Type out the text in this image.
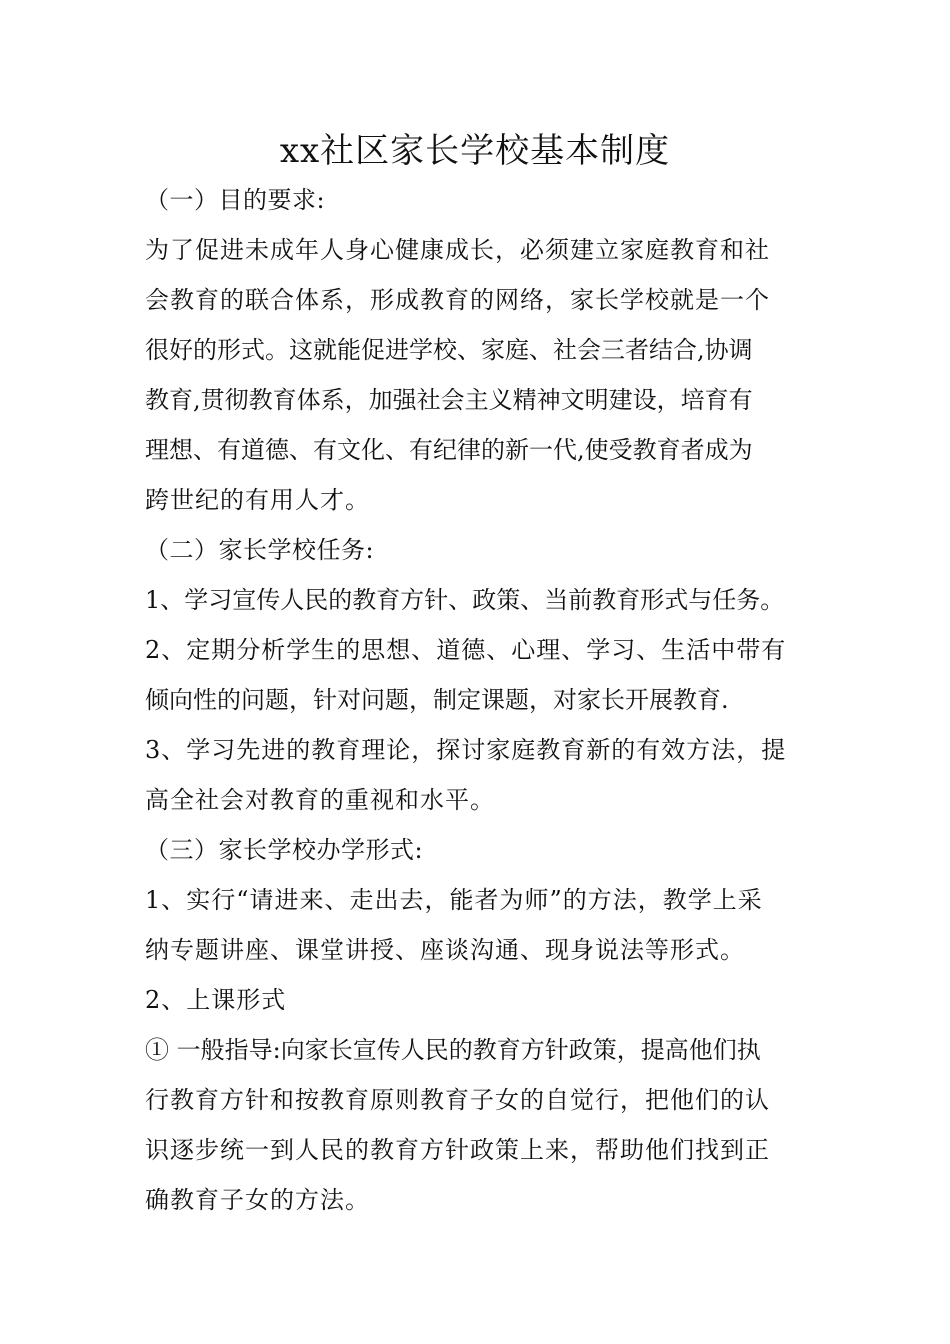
xx社区家长学校基本制度
（一）目的要求:
为了促进未成年人身心健康成长，必须建立家庭教育和社
会教育的联合体系，形成教育的网络，家长学校就是一个
很好的形式。这就能促进学校、家庭、社会三者结合,协调
教育,贯彻教育体系，加强社会主义精神文明建设，培育有
理想、有道德、有文化、有纪律的新一代,使受教育者成为
跨世纪的有用人才。
（二）家长学校任务:
1、学习宣传人民的教育方针、政策、当前教育形式与任务。
2、定期分析学生的思想、道德、心理、学习、生活中带有
倾向性的问题，针对问题，制定课题，对家长开展教育.
3、学习先进的教育理论，探讨家庭教育新的有效方法，提
高全社会对教育的重视和水平。
（三）家长学校办学形式:
1、实行“请进来、走出去，能者为师”的方法，教学上采
纳专题讲座、课堂讲授、座谈沟通、现身说法等形式。
2、上课形式
① 一般指导:向家长宣传人民的教育方针政策，提高他们执
行教育方针和按教育原则教育子女的自觉行，把他们的认
识逐步统一到人民的教育方针政策上来，帮助他们找到正
确教育子女的方法。
